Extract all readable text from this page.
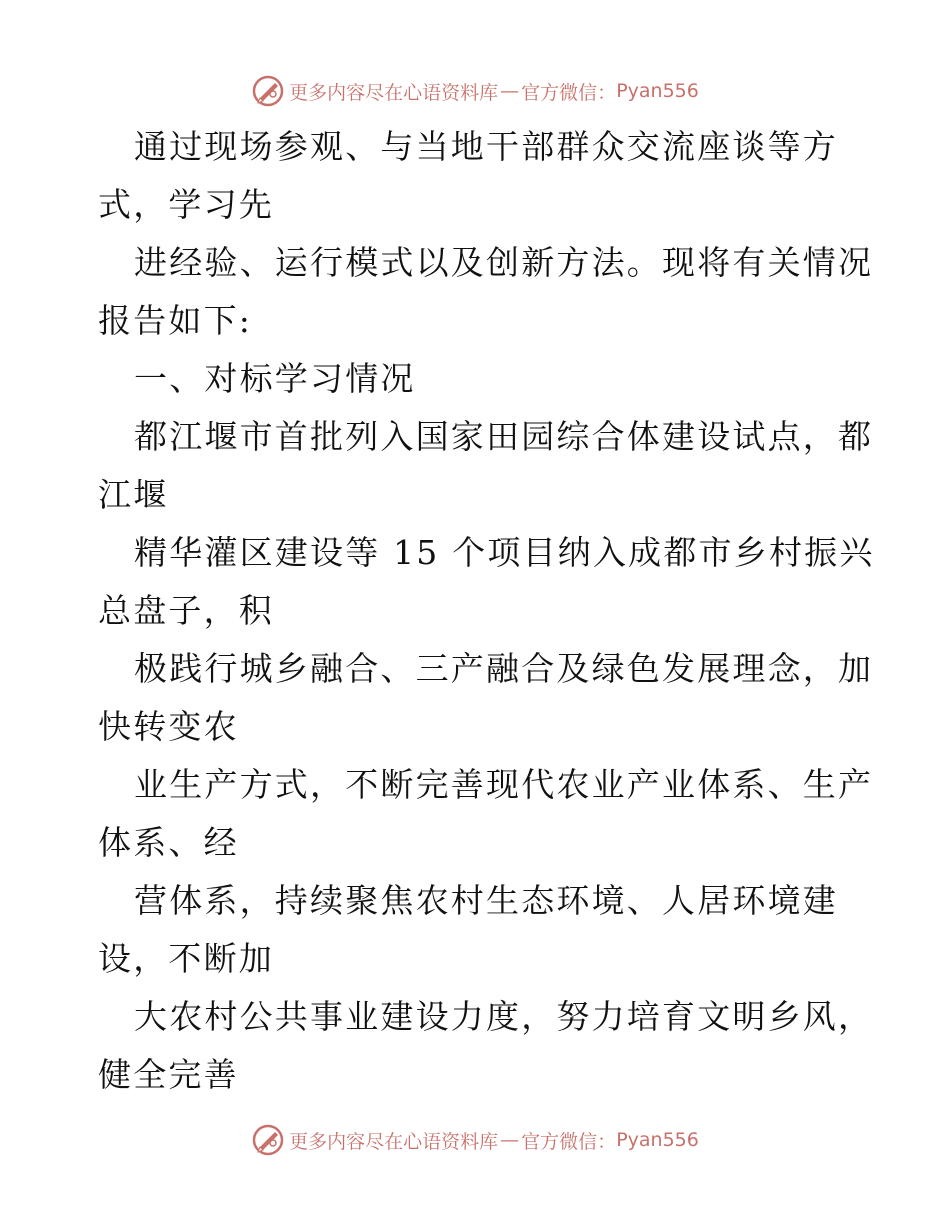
更多内容尽在心语资料库 — 官方微信： Pyan556
通过现场参观、与当地干部群众交流座谈等方
式，学习先
进经验、运行模式以及创新方法。现将有关情况
报告如下:
一、对标学习情况
都江堰市首批列入国家田园综合体建设试点，都
江堰
精华灌区建设等 15 个项目纳入成都市乡村振兴
总盘子，积
极践行城乡融合、三产融合及绿色发展理念，加
快转变农
业生产方式，不断完善现代农业产业体系、生产
体系、经
营体系，持续聚焦农村生态环境、人居环境建
设，不断加
大农村公共事业建设力度，努力培育文明乡风，
健全完善
更多内容尽在心语资料库 — 官方微信： Pyan556
